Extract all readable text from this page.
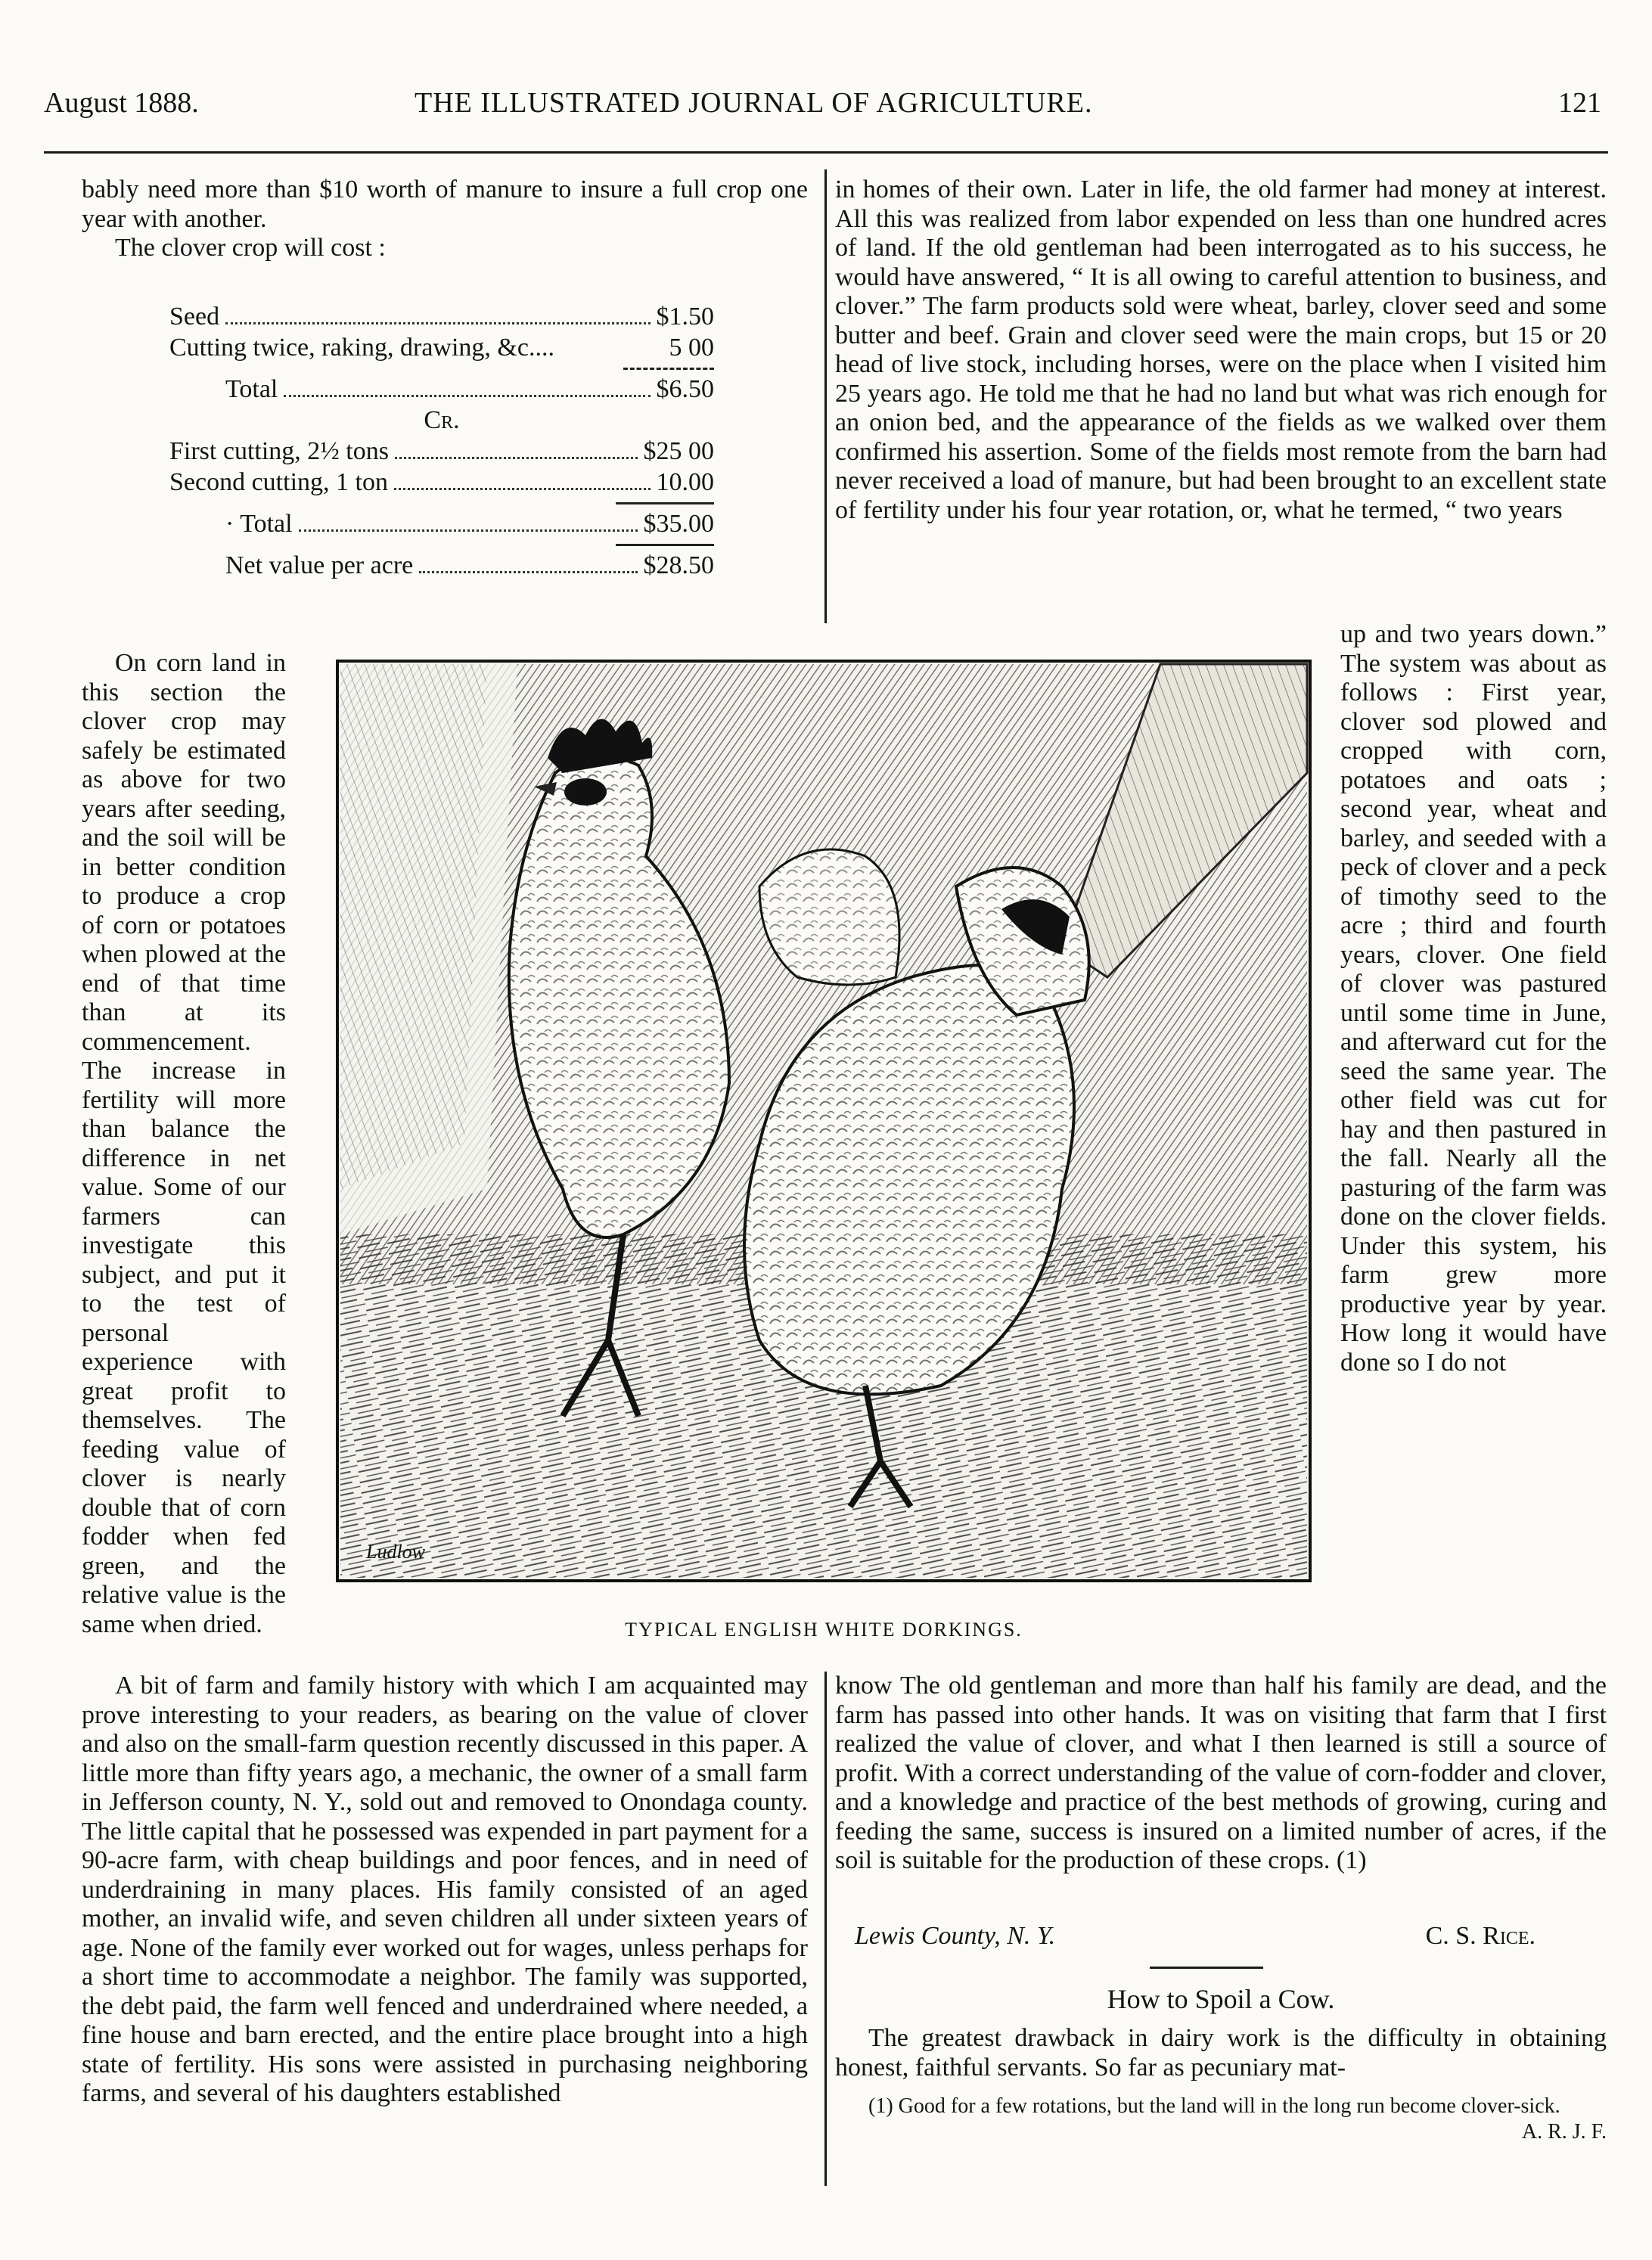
August 1888.	THE ILLUSTRATED JOURNAL OF AGRICULTURE.	121

bably need more than $10 worth of manure to insure a full crop one year with another.

The clover crop will cost :

Seed	$1.50
Cutting twice, raking, drawing, &c....	5 00
Total	$6.50
Cr.
First cutting, 2½ tons	$25 00
Second cutting, 1 ton	10.00
· Total	$35.00
Net value per acre	$28.50
in homes of their own. Later in life, the old farmer had money at interest. All this was realized from labor expended on less than one hundred acres of land. If the old gentleman had been interrogated as to his success, he would have answered, “ It is all owing to careful attention to business, and clover.” The farm products sold were wheat, barley, clover seed and some butter and beef. Grain and clover seed were the main crops, but 15 or 20 head of live stock, including horses, were on the place when I visited him 25 years ago. He told me that he had no land but what was rich enough for an onion bed, and the appearance of the fields as we walked over them confirmed his assertion. Some of the fields most remote from the barn had never received a load of manure, but had been brought to an excellent state of fertility under his four year rotation, or, what he termed, “ two years

On corn land in this section the clover crop may safely be estimated as above for two years after seeding, and the soil will be in better condition to produce a crop of corn or potatoes when plowed at the end of that time than at its commencement. The increase in fertility will more than balance the difference in net value. Some of our farmers can investigate this subject, and put it to the test of personal experience with great profit to themselves. The feeding value of clover is nearly double that of corn fodder when fed green, and the relative value is the same when dried.

up and two years down.” The system was about as follows : First year, clover sod plowed and cropped with corn, potatoes and oats ; second year, wheat and barley, and seeded with a peck of clover and a peck of timothy seed to the acre ; third and fourth years, clover. One field of clover was pastured until some time in June, and afterward cut for the seed the same year. The other field was cut for hay and then pastured in the fall. Nearly all the pasturing of the farm was done on the clover fields. Under this system, his farm grew more productive year by year. How long it would have done so I do not
Ludlow
TYPICAL ENGLISH WHITE DORKINGS.

A bit of farm and family history with which I am acquainted may prove interesting to your readers, as bearing on the value of clover and also on the small-farm question recently discussed in this paper. A little more than fifty years ago, a mechanic, the owner of a small farm in Jefferson county, N. Y., sold out and removed to Onondaga county. The little capital that he possessed was expended in part payment for a 90-acre farm, with cheap buildings and poor fences, and in need of underdraining in many places. His family consisted of an aged mother, an invalid wife, and seven children all under sixteen years of age. None of the family ever worked out for wages, unless perhaps for a short time to accommodate a neighbor. The family was supported, the debt paid, the farm well fenced and underdrained where needed, a fine house and barn erected, and the entire place brought into a high state of fertility. His sons were assisted in purchasing neighboring farms, and several of his daughters established

know The old gentleman and more than half his family are dead, and the farm has passed into other hands. It was on visiting that farm that I first realized the value of clover, and what I then learned is still a source of profit. With a correct understanding of the value of corn-fodder and clover, and a knowledge and practice of the best methods of growing, curing and feeding the same, success is insured on a limited number of acres, if the soil is suitable for the production of these crops. (1)
Lewis County, N. Y.	C. S. Rice.
How to Spoil a Cow.

The greatest drawback in dairy work is the difficulty in obtaining honest, faithful servants. So far as pecuniary mat-

(1) Good for a few rotations, but the land will in the long run become clover-sick.
A. R. J. F.
